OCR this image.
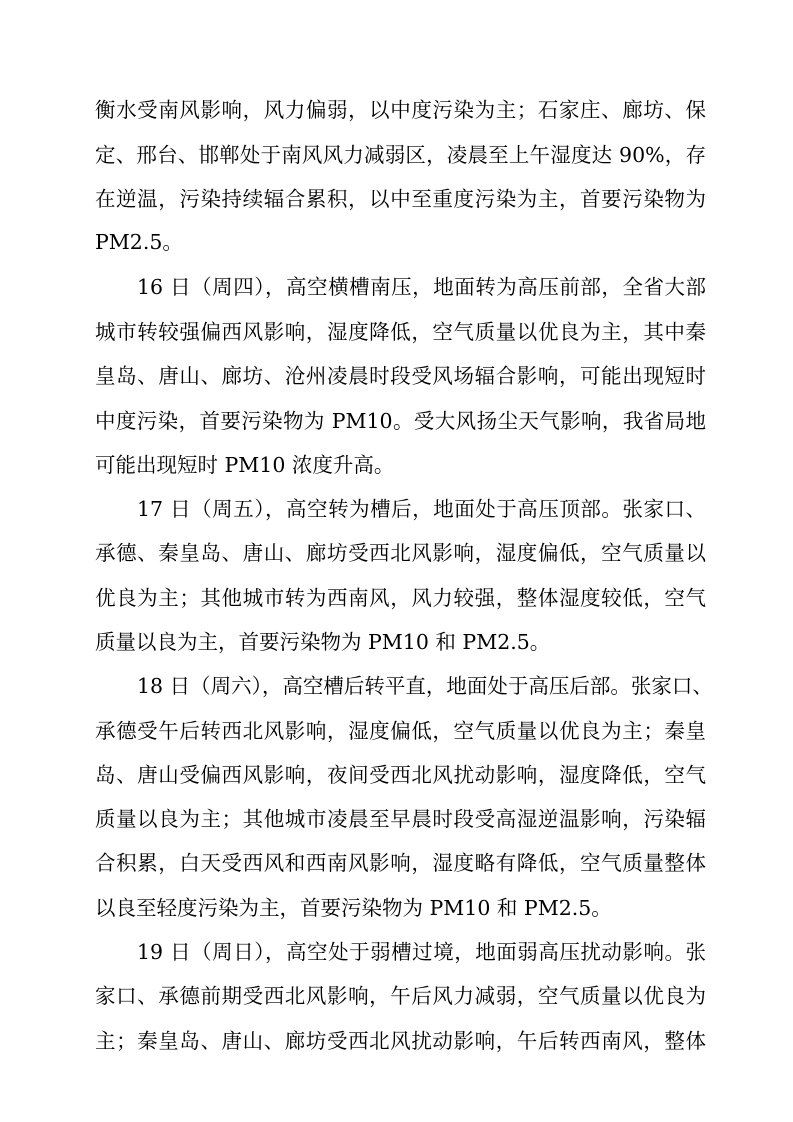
衡水受南风影响，风力偏弱，以中度污染为主；石家庄、廊坊、保
定、邢台、邯郸处于南风风力减弱区，凌晨至上午湿度达 90%，存
在逆温，污染持续辐合累积，以中至重度污染为主，首要污染物为
PM2.5。
16 日（周四），高空横槽南压，地面转为高压前部，全省大部
城市转较强偏西风影响，湿度降低，空气质量以优良为主，其中秦
皇岛、唐山、廊坊、沧州凌晨时段受风场辐合影响，可能出现短时
中度污染，首要污染物为 PM10。受大风扬尘天气影响，我省局地
可能出现短时 PM10 浓度升高。
17 日（周五），高空转为槽后，地面处于高压顶部。张家口、
承德、秦皇岛、唐山、廊坊受西北风影响，湿度偏低，空气质量以
优良为主；其他城市转为西南风，风力较强，整体湿度较低，空气
质量以良为主，首要污染物为 PM10 和 PM2.5。
18 日（周六），高空槽后转平直，地面处于高压后部。张家口、
承德受午后转西北风影响，湿度偏低，空气质量以优良为主；秦皇
岛、唐山受偏西风影响，夜间受西北风扰动影响，湿度降低，空气
质量以良为主；其他城市凌晨至早晨时段受高湿逆温影响，污染辐
合积累，白天受西风和西南风影响，湿度略有降低，空气质量整体
以良至轻度污染为主，首要污染物为 PM10 和 PM2.5。
19 日（周日），高空处于弱槽过境，地面弱高压扰动影响。张
家口、承德前期受西北风影响，午后风力减弱，空气质量以优良为
主；秦皇岛、唐山、廊坊受西北风扰动影响，午后转西南风，整体
